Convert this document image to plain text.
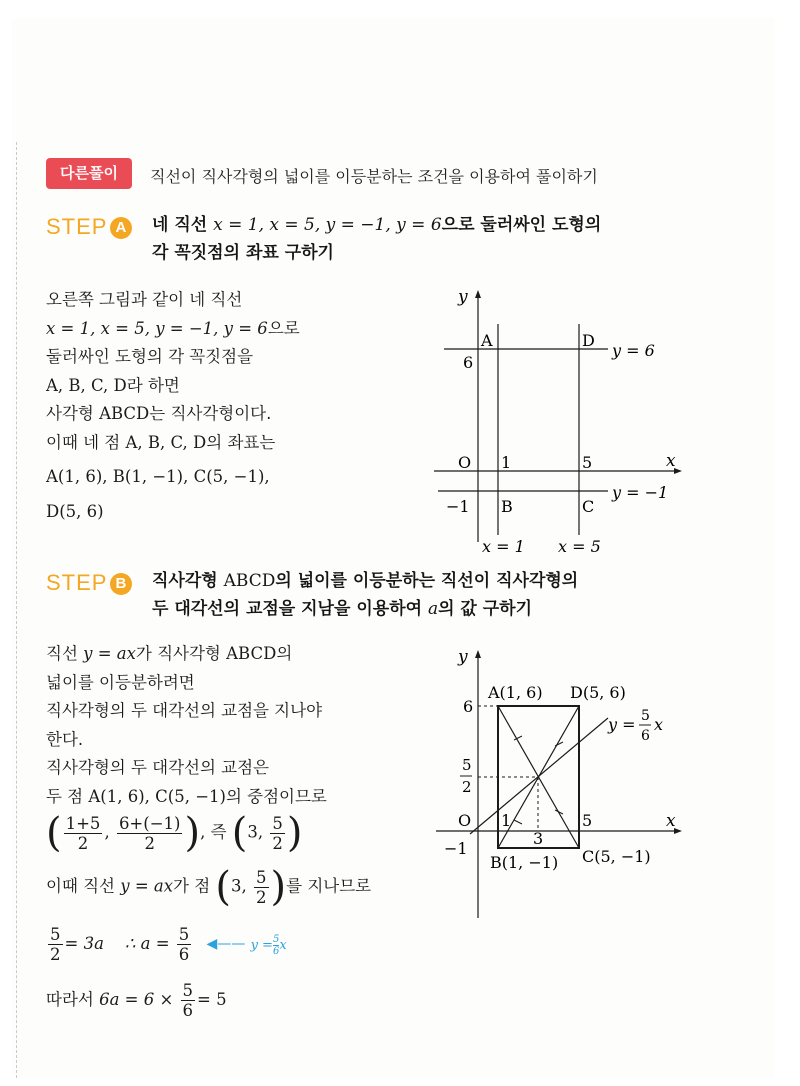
다른풀이	직선이 직사각형의 넓이를 이등분하는 조건을 이용하여 풀이하기
STEP A 네 직선 x = 1, x = 5, y = −1, y = 6으로 둘러싸인 도형의
각 꼭짓점의 좌표 구하기
오른쪽 그림과 같이 네 직선
x = 1, x = 5, y = −1, y = 6으로
둘러싸인 도형의 각 꼭짓점을
A, B, C, D라 하면
사각형 ABCD는 직사각형이다.
이때 네 점 A, B, C, D의 좌표는
A(1, 6), B(1, −1), C(5, −1),
D(5, 6)
y
x
O
A	D
B	C
6
−1
1	5
y = 6
y = −1
x = 1 x = 5
STEP B 직사각형 ABCD의 넓이를 이등분하는 직선이 직사각형의
두 대각선의 교점을 지남을 이용하여 a의 값 구하기
직선 y = ax가 직사각형 ABCD의
넓이를 이등분하려면
직사각형의 두 대각선의 교점을 지나야
한다.
직사각형의 두 대각선의 교점은
두 점 A(1, 6), C(5, −1)의 중점이므로
( $\frac{1+5}{2}$ , $\frac{6+(-1)}{2}$ ), 즉 (3, $\frac{5}{2}$ )
이때 직선 y = ax가 점 (3, $\frac{5}{2}$ )를 지나므로
$\frac{5}{2} = 3a$ ∴ $a = \frac{5}{6}$ ◀—— $y = \frac{5}{6}$ x
따라서 $6a = 6 \times \frac{5}{6} = 5$
y
x
O
A(1, 6) D(5, 6)
B(1, −1) C(5, −1)
6
5
2
−1
1
3
5
y = 5
6
x
